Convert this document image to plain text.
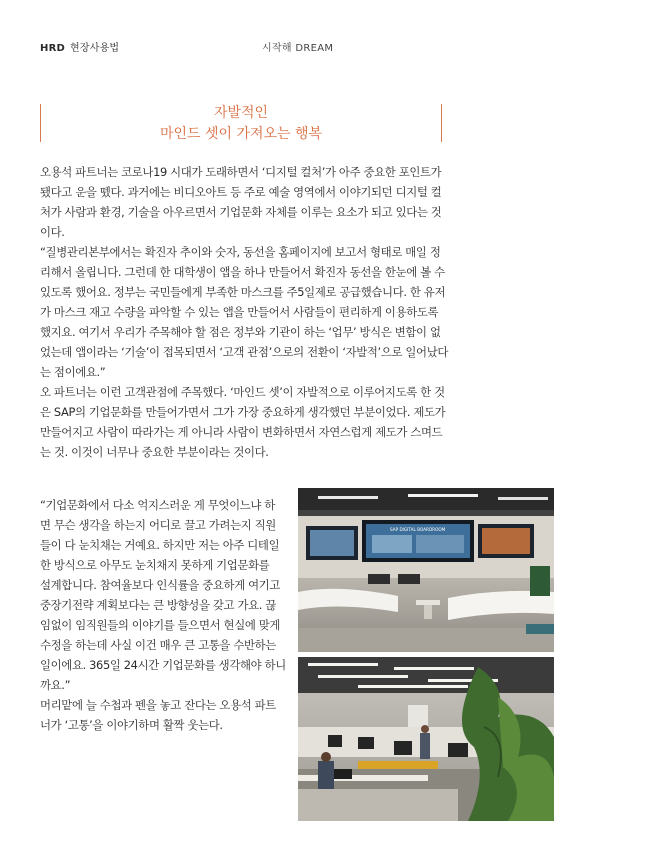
HRD 현장사용법	시작해 DREAM
자발적인
마인드 셋이 가져오는 행복
오용석 파트너는 코로나19 시대가 도래하면서 ‘디지털 컬처’가 아주 중요한 포인트가
됐다고 운을 뗐다. 과거에는 비디오아트 등 주로 예술 영역에서 이야기되던 디지털 컬
처가 사람과 환경, 기술을 아우르면서 기업문화 자체를 이루는 요소가 되고 있다는 것
이다.
“질병관리본부에서는 확진자 추이와 숫자, 동선을 홈페이지에 보고서 형태로 매일 정
리해서 올립니다. 그런데 한 대학생이 앱을 하나 만들어서 확진자 동선을 한눈에 볼 수
있도록 했어요. 정부는 국민들에게 부족한 마스크를 주5일제로 공급했습니다. 한 유저
가 마스크 재고 수량을 파악할 수 있는 앱을 만들어서 사람들이 편리하게 이용하도록
했지요. 여기서 우리가 주목해야 할 점은 정부와 기관이 하는 ‘업무’ 방식은 변함이 없
었는데 앱이라는 ‘기술’이 접목되면서 ‘고객 관점’으로의 전환이 ‘자발적’으로 일어났다
는 점이에요.”
오 파트너는 이런 고객관점에 주목했다. ‘마인드 셋’이 자발적으로 이루어지도록 한 것
은 SAP의 기업문화를 만들어가면서 그가 가장 중요하게 생각했던 부분이었다. 제도가
만들어지고 사람이 따라가는 게 아니라 사람이 변화하면서 자연스럽게 제도가 스며드
는 것. 이것이 너무나 중요한 부분이라는 것이다.
“기업문화에서 다소 억지스러운 게 무엇이느냐 하
면 무슨 생각을 하는지 어디로 끌고 가려는지 직원
들이 다 눈치채는 거예요. 하지만 저는 아주 디테일
한 방식으로 아무도 눈치채지 못하게 기업문화를
설계합니다. 참여율보다 인식률을 중요하게 여기고
중장기전략 계획보다는 큰 방향성을 갖고 가요. 끊
임없이 임직원들의 이야기를 들으면서 현실에 맞게
수정을 하는데 사실 이건 매우 큰 고통을 수반하는
일이에요. 365일 24시간 기업문화를 생각해야 하니
까요.”
머리맡에 늘 수첩과 펜을 놓고 잔다는 오용석 파트
너가 ‘고통’을 이야기하며 활짝 웃는다.
SAP DIGITAL BOARDROOM
